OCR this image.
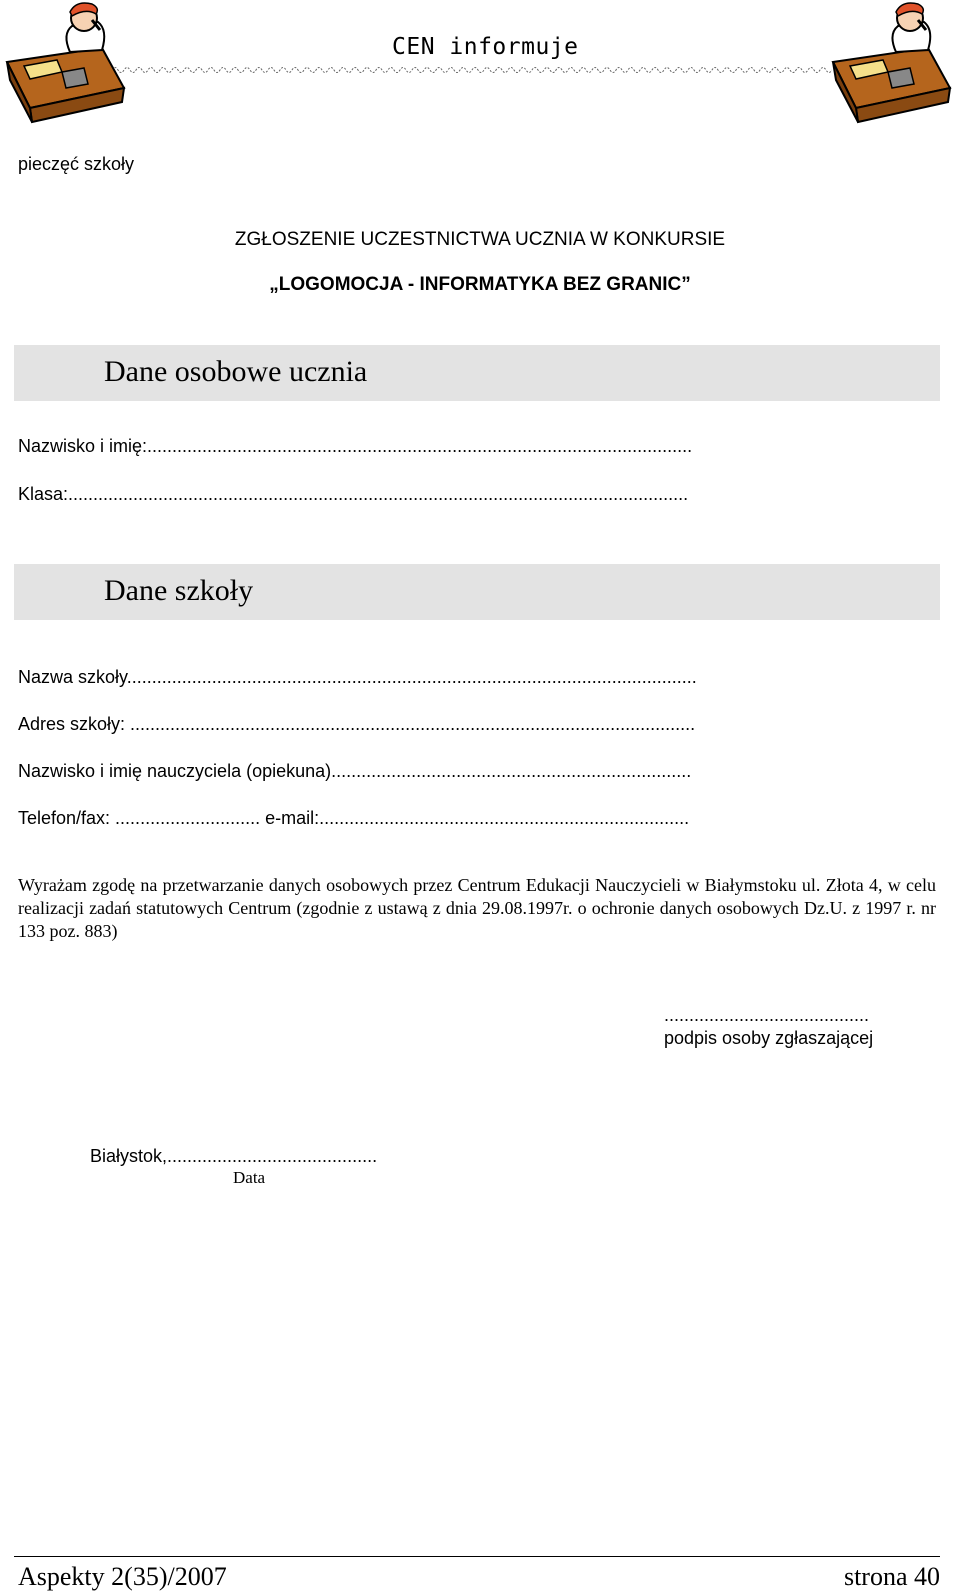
CEN informuje
pieczęć szkoły
ZGŁOSZENIE UCZESTNICTWA UCZNIA W KONKURSIE
„LOGOMOCJA - INFORMATYKA BEZ GRANIC”
Dane osobowe ucznia
Nazwisko i imię:.............................................................................................................
Klasa:............................................................................................................................
Dane szkoły
Nazwa szkoły..................................................................................................................
Adres szkoły: .................................................................................................................
Nazwisko i imię nauczyciela (opiekuna)........................................................................
Telefon/fax: ............................. e-mail:..........................................................................
Wyrażam zgodę na przetwarzanie danych osobowych przez Centrum Edukacji Nauczycieli w Białymstoku ul. Złota 4, w celu realizacji zadań statutowych Centrum (zgodnie z ustawą z dnia 29.08.1997r. o ochronie danych osobowych Dz.U. z 1997 r. nr 133 poz. 883)
.........................................
podpis osoby zgłaszającej
Białystok,..........................................
Data
Aspekty 2(35)/2007	strona 40
